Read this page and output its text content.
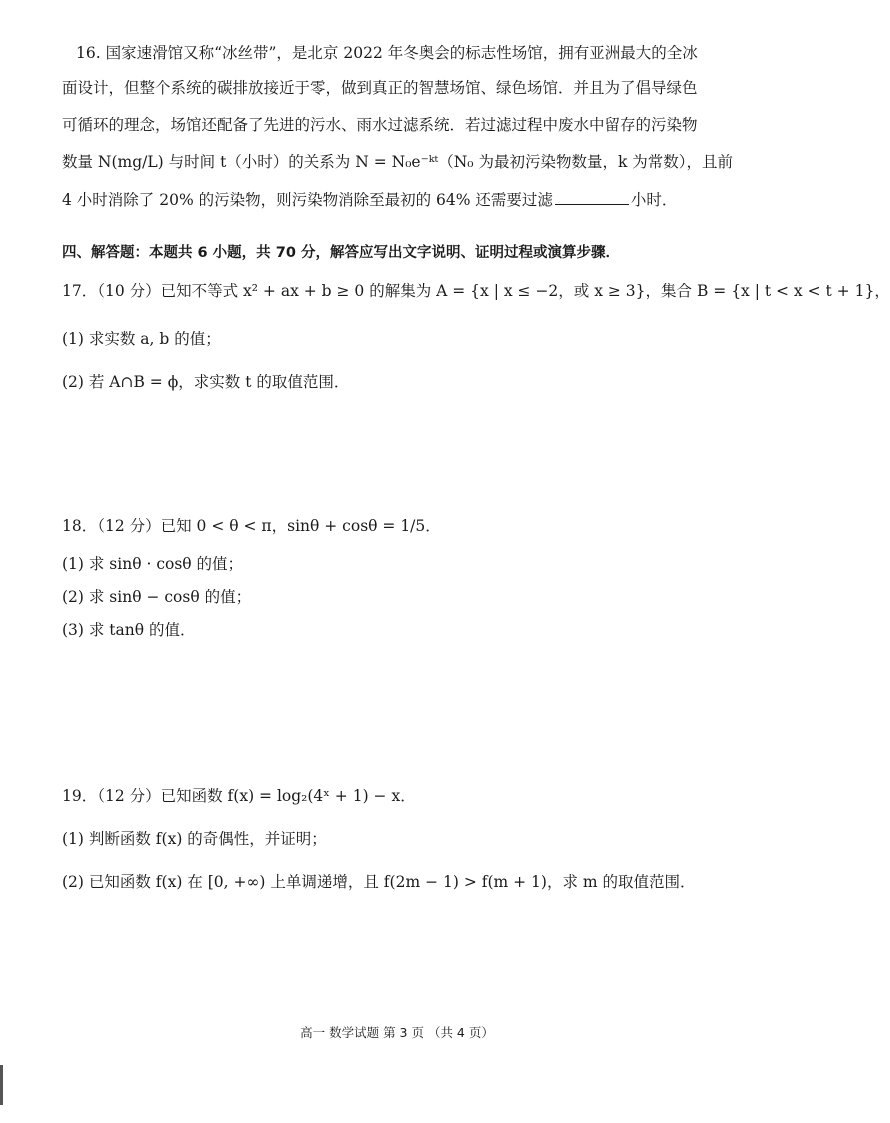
16. 国家速滑馆又称“冰丝带”，是北京 2022 年冬奥会的标志性场馆，拥有亚洲最大的全冰
面设计，但整个系统的碳排放接近于零，做到真正的智慧场馆、绿色场馆．并且为了倡导绿色
可循环的理念，场馆还配备了先进的污水、雨水过滤系统．若过滤过程中废水中留存的污染物
数量 N(mg/L) 与时间 t（小时）的关系为 N = N₀e⁻ᵏᵗ（N₀ 为最初污染物数量，k 为常数），且前
4 小时消除了 20% 的污染物，则污染物消除至最初的 64% 还需要过滤	小时．
四、解答题：本题共 6 小题，共 70 分，解答应写出文字说明、证明过程或演算步骤．
17．（10 分）已知不等式 x² + ax + b ≥ 0 的解集为 A = {x | x ≤ −2，或 x ≥ 3}，集合 B = {x | t < x < t + 1}，
(1) 求实数 a, b 的值；
(2) 若 A∩B = ϕ，求实数 t 的取值范围．
18．（12 分）已知 0 < θ < π，sinθ + cosθ = 1/5．
(1) 求 sinθ · cosθ 的值；
(2) 求 sinθ − cosθ 的值；
(3) 求 tanθ 的值．
19．（12 分）已知函数 f(x) = log₂(4ˣ + 1) − x．
(1) 判断函数 f(x) 的奇偶性，并证明；
(2) 已知函数 f(x) 在 [0, +∞) 上单调递增，且 f(2m − 1) > f(m + 1)，求 m 的取值范围．
高一 数学试题 第 3 页 （共 4 页）
